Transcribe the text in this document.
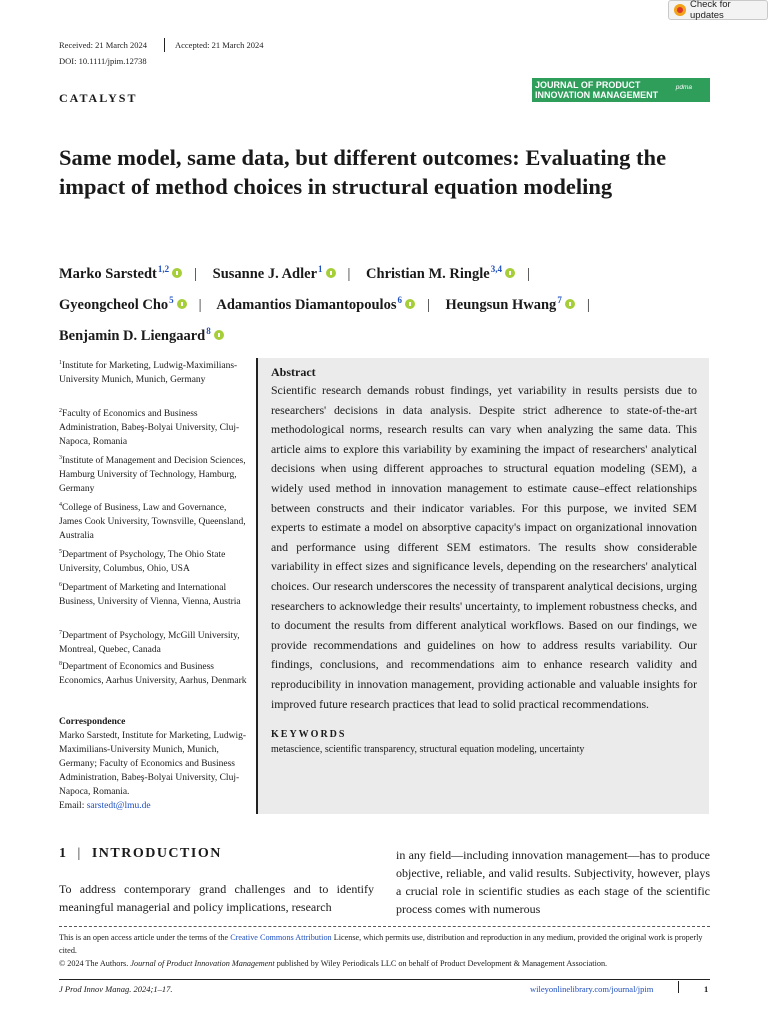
Check for updates
Received: 21 March 2024	Accepted: 21 March 2024
DOI: 10.1111/jpim.12738
CATALYST
JOURNAL OF PRODUCT
INNOVATION MANAGEMENT
pdma
Same model, same data, but different outcomes: Evaluating the impact of method choices in structural equation modeling
Marko Sarstedt$^{1,2}$ | Susanne J. Adler$^1$ | Christian M. Ringle$^{3,4}$ |
Gyeongcheol Cho$^5$ | Adamantios Diamantopoulos$^6$ | Heungsun Hwang$^7$ |
Benjamin D. Liengaard$^8$
$^1$Institute for Marketing, Ludwig-Maximilians-University Munich, Munich, Germany
$^2$Faculty of Economics and Business Administration, Babeş-Bolyai University, Cluj-Napoca, Romania
$^3$Institute of Management and Decision Sciences, Hamburg University of Technology, Hamburg, Germany
$^4$College of Business, Law and Governance, James Cook University, Townsville, Queensland, Australia
$^5$Department of Psychology, The Ohio State University, Columbus, Ohio, USA
$^6$Department of Marketing and International Business, University of Vienna, Vienna, Austria
$^7$Department of Psychology, McGill University, Montreal, Quebec, Canada
$^8$Department of Economics and Business Economics, Aarhus University, Aarhus, Denmark
Correspondence
Marko Sarstedt, Institute for Marketing, Ludwig-Maximilians-University Munich, Munich, Germany; Faculty of Economics and Business Administration, Babeş-Bolyai University, Cluj-Napoca, Romania.
Email: sarstedt@lmu.de
Abstract
Scientific research demands robust findings, yet variability in results persists due to researchers' decisions in data analysis. Despite strict adherence to state-of-the-art methodological norms, research results can vary when analyzing the same data. This article aims to explore this variability by examining the impact of researchers' analytical decisions when using different approaches to structural equation modeling (SEM), a widely used method in innovation management to estimate cause–effect relationships between constructs and their indicator variables. For this purpose, we invited SEM experts to estimate a model on absorptive capacity's impact on organizational innovation and performance using different SEM estimators. The results show considerable variability in effect sizes and significance levels, depending on the researchers' analytical choices. Our research underscores the necessity of transparent analytical decisions, urging researchers to acknowledge their results' uncertainty, to implement robustness checks, and to document the results from different analytical workflows. Based on our findings, we provide recommendations and guidelines on how to address results variability. Our findings, conclusions, and recommendations aim to enhance research validity and reproducibility in innovation management, providing actionable and valuable insights for improved future research practices that lead to solid practical recommendations.
KEYWORDS
metascience, scientific transparency, structural equation modeling, uncertainty
1 | INTRODUCTION
To address contemporary grand challenges and to identify meaningful managerial and policy implications, research
in any field—including innovation management—has to produce objective, reliable, and valid results. Subjectivity, however, plays a crucial role in scientific studies as each stage of the scientific process comes with numerous
This is an open access article under the terms of the Creative Commons Attribution License, which permits use, distribution and reproduction in any medium, provided the original work is properly cited.
© 2024 The Authors. Journal of Product Innovation Management published by Wiley Periodicals LLC on behalf of Product Development & Management Association.
J Prod Innov Manag. 2024;1–17.	wileyonlinelibrary.com/journal/jpim	1
